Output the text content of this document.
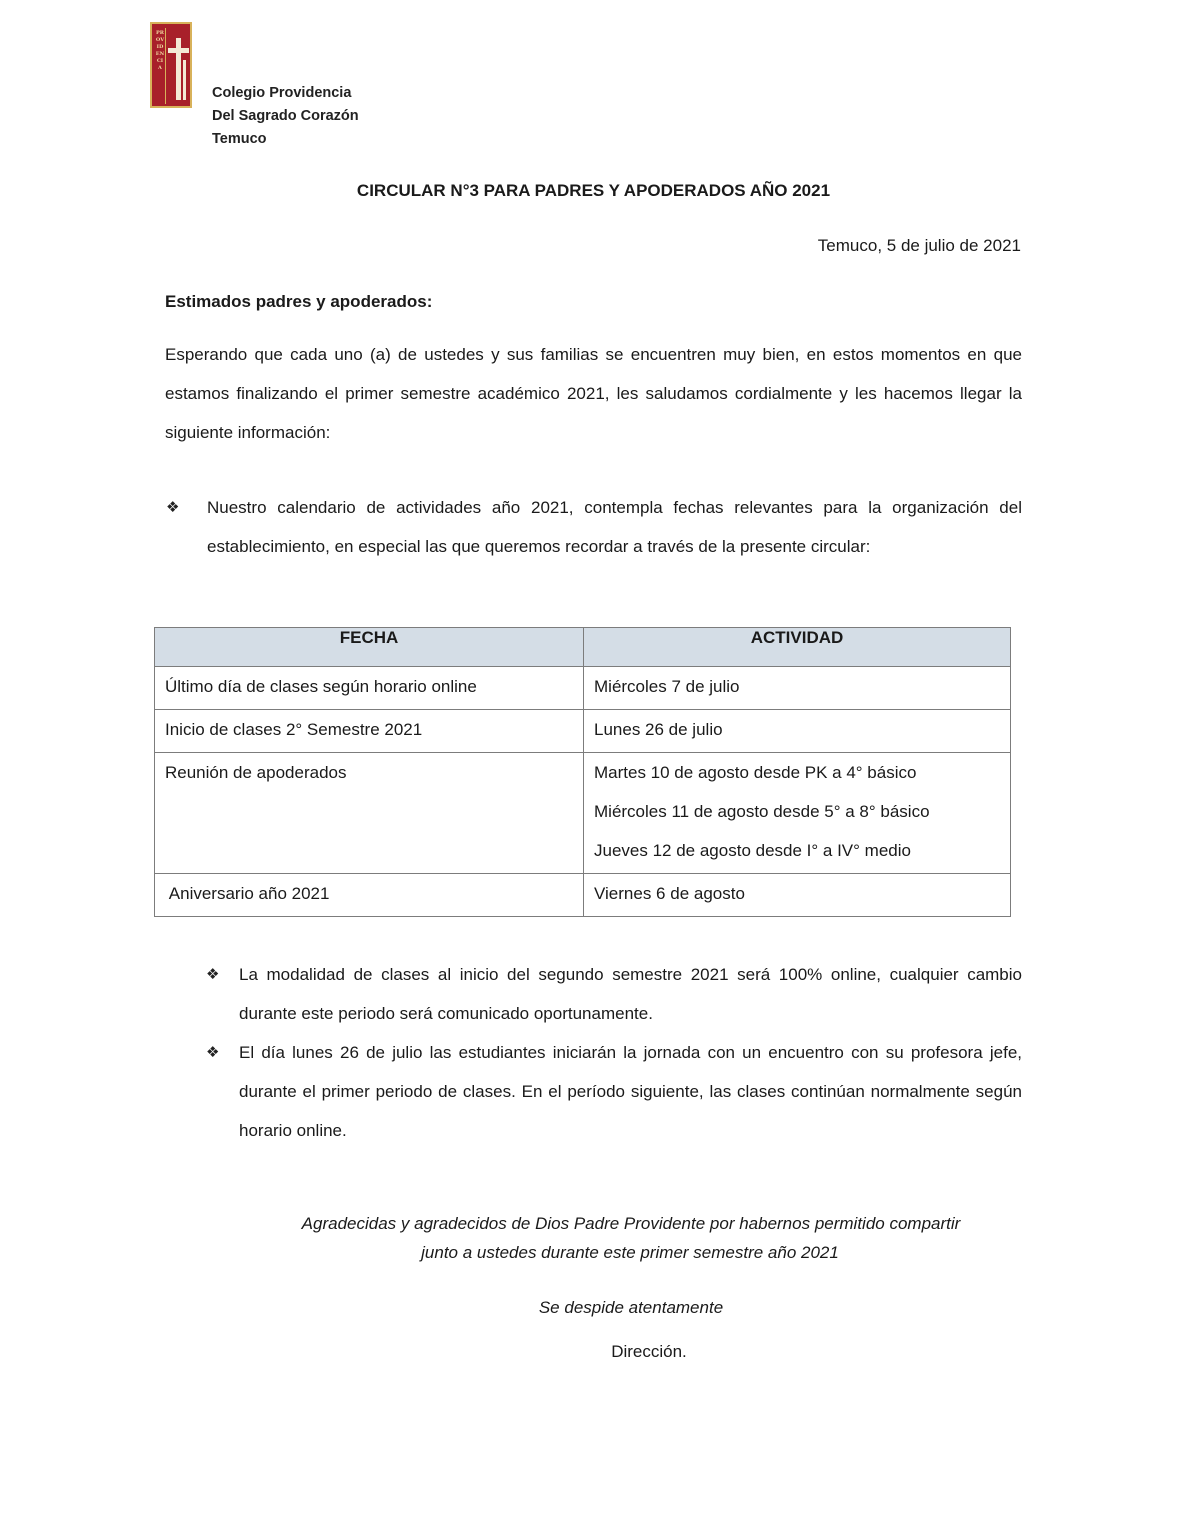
PROVIDENCIA
Colegio Providencia
Del Sagrado Corazón
Temuco
CIRCULAR N°3 PARA PADRES Y APODERADOS AÑO 2021
Temuco, 5 de julio de 2021
Estimados padres y apoderados:
Esperando que cada uno (a) de ustedes y sus familias se encuentren muy bien, en estos momentos en que estamos finalizando el primer semestre académico 2021, les saludamos cordialmente y les hacemos llegar la siguiente información:
❖ Nuestro calendario de actividades año 2021, contempla fechas relevantes para la organización del establecimiento, en especial las que queremos recordar a través de la presente circular:
FECHA	ACTIVIDAD
Último día de clases según horario online	Miércoles 7 de julio

Inicio de clases 2° Semestre 2021	Lunes 26 de julio

Reunión de apoderados	Martes 10 de agosto desde PK a 4° básico
Miércoles 11 de agosto desde 5° a 8° básico
Jueves 12 de agosto desde I° a IV° medio

Aniversario año 2021	Viernes 6 de agosto
❖ La modalidad de clases al inicio del segundo semestre 2021 será 100% online, cualquier cambio durante este periodo será comunicado oportunamente.
❖ El día lunes 26 de julio las estudiantes iniciarán la jornada con un encuentro con su profesora jefe, durante el primer periodo de clases. En el período siguiente, las clases continúan normalmente según horario online.
Agradecidas y agradecidos de Dios Padre Providente por habernos permitido compartir
junto a ustedes durante este primer semestre año 2021
Se despide atentamente
Dirección.
